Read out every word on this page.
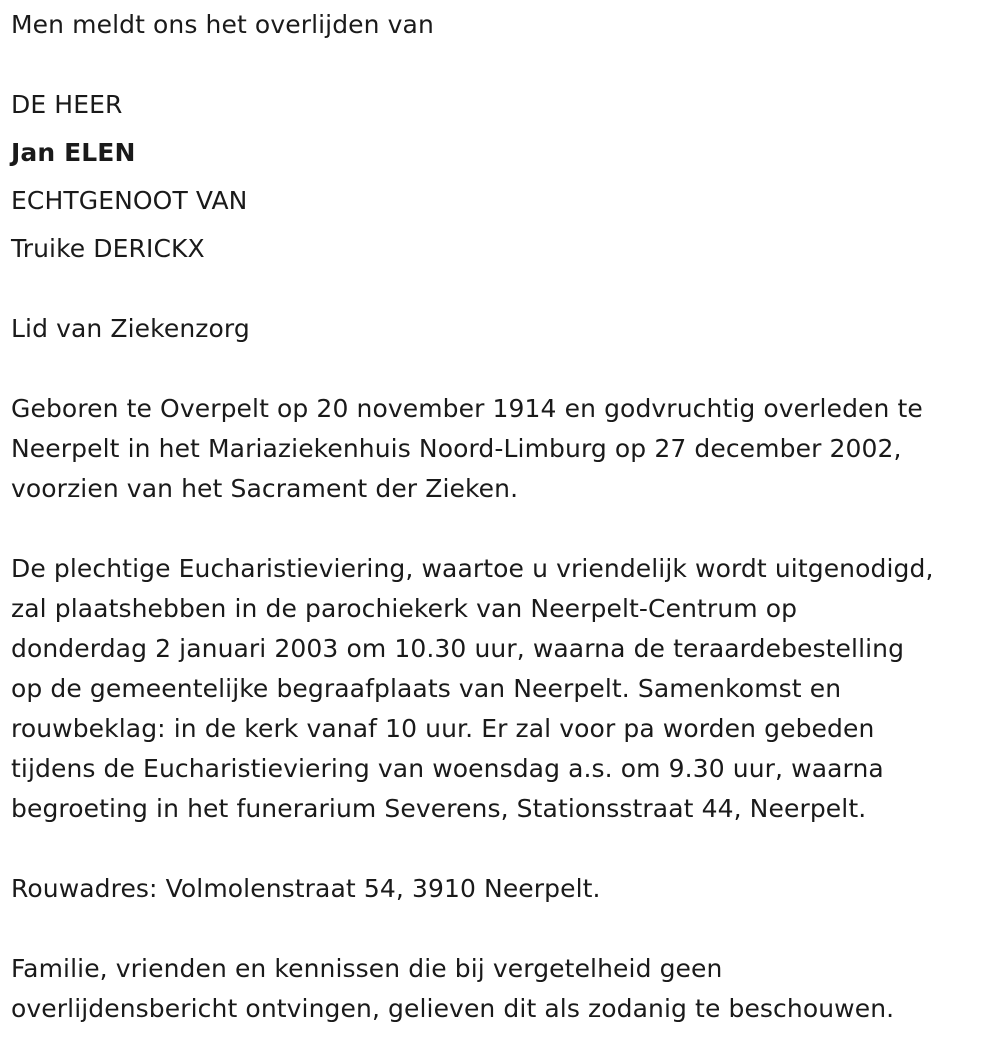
Men meldt ons het overlijden van
DE HEER
Jan ELEN
ECHTGENOOT VAN
Truike DERICKX
Lid van Ziekenzorg
Geboren te Overpelt op 20 november 1914 en godvruchtig overleden te
Neerpelt in het Mariaziekenhuis Noord-Limburg op 27 december 2002,
voorzien van het Sacrament der Zieken.
De plechtige Eucharistieviering, waartoe u vriendelijk wordt uitgenodigd,
zal plaatshebben in de parochiekerk van Neerpelt-Centrum op
donderdag 2 januari 2003 om 10.30 uur, waarna de teraardebestelling
op de gemeentelijke begraafplaats van Neerpelt. Samenkomst en
rouwbeklag: in de kerk vanaf 10 uur. Er zal voor pa worden gebeden
tijdens de Eucharistieviering van woensdag a.s. om 9.30 uur, waarna
begroeting in het funerarium Severens, Stationsstraat 44, Neerpelt.
Rouwadres: Volmolenstraat 54, 3910 Neerpelt.
Familie, vrienden en kennissen die bij vergetelheid geen
overlijdensbericht ontvingen, gelieven dit als zodanig te beschouwen.
